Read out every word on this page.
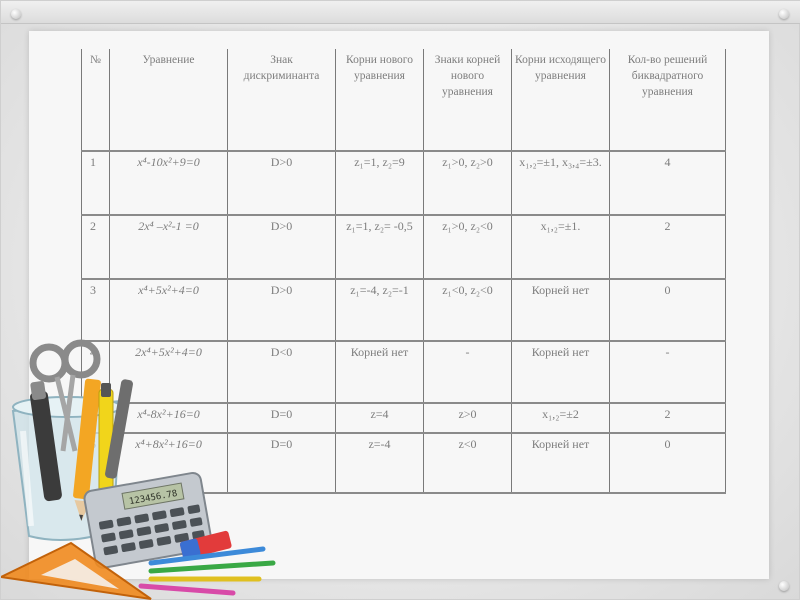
№	Уравнение	Знак дискриминанта	Корни нового уравнения	Знаки корней нового уравнения	Корни исходящего уравнения	Кол-во решений биквадратного уравнения
1	x⁴-10x²+9=0	D>0	z₁=1, z₂=9	z₁>0, z₂>0	x₁,₂=±1, x₃,₄=±3.	4
2	2x⁴ –x²-1 =0	D>0	z₁=1, z₂= -0,5	z₁>0, z₂<0	x₁,₂=±1.	2
3	x⁴+5x²+4=0	D>0	z₁=-4, z₂=-1	z₁<0, z₂<0	Корней нет	0
4	2x⁴+5x²+4=0	D<0	Корней нет	-	Корней нет	-
	x⁴-8x²+16=0	D=0	z=4	z>0	x₁,₂=±2	2
	x⁴+8x²+16=0	D=0	z=-4	z<0	Корней нет	0
123456.78
